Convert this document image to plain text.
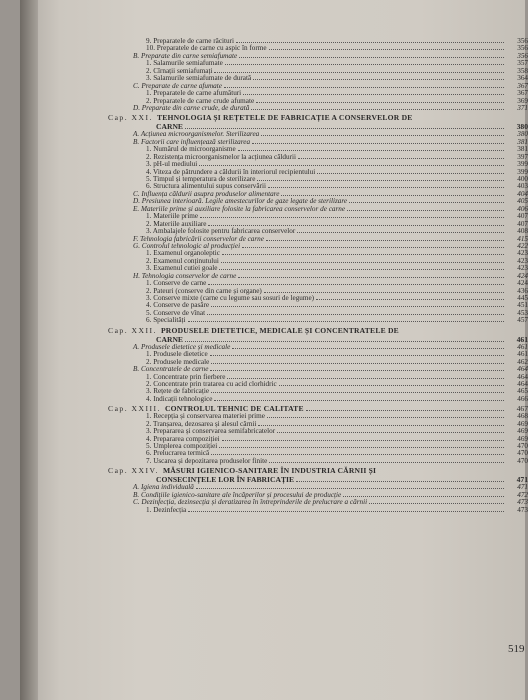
9. Preparatele de carne răcituri	356
10. Preparatele de carne cu aspic în forme	356
B. Preparate din carne semiafumate	356
1. Salamurile semiafumate	357
2. Cîrnații semiafumați	358
3. Salamurile semiafumate de durată	364
C. Preparate de carne afumate	367
1. Preparatele de carne afumături	367
2. Preparatele de carne crude afumate	369
D. Preparate din carne crude, de durată	371
Cap. XXI. TEHNOLOGIA ȘI REȚETELE DE FABRICAȚIE A CONSERVELOR DE
CARNE	380
A. Acțiunea microorganismelor. Sterilizarea	380
B. Factorii care influențează sterilizarea	381
1. Numărul de microorganisme	381
2. Rezistența microorganismelor la acțiunea căldurii	397
3. pH-ul mediului	399
4. Viteza de pătrundere a căldurii în interiorul recipientului	399
5. Timpul și temperatura de sterilizare	400
6. Structura alimentului supus conservării	403
C. Influența căldurii asupra produselor alimentare	404
D. Presiunea interioară. Legile amestecurilor de gaze legate de sterilizare	405
E. Materiile prime și auxiliare folosite la fabricarea conservelor de carne	406
1. Materiile prime	407
2. Materiile auxiliare	407
3. Ambalajele folosite pentru fabricarea conservelor	408
F. Tehnologia fabricării conservelor de carne	415
G. Controlul tehnologic al producției	422
1. Examenul organoleptic	423
2. Examenul conținutului	423
3. Examenul cutiei goale	423
H. Tehnologia conservelor de carne	424
1. Conserve de carne	424
2. Pateuri (conserve din carne și organe)	436
3. Conserve mixte (carne cu legume sau sosuri de legume)	445
4. Conserve de pasăre	451
5. Conserve de vînat	453
6. Specialități	457
Cap. XXII. PRODUSELE DIETETICE, MEDICALE ȘI CONCENTRATELE DE
CARNE	461
A. Produsele dietetice și medicale	461
1. Produsele dietetice	461
2. Produsele medicale	462
B. Concentratele de carne	464
1. Concentrate prin fierbere	464
2. Concentrate prin tratarea cu acid clorhidric	464
3. Rețete de fabricație	465
4. Indicații tehnologice	466
Cap. XXIII. CONTROLUL TEHNIC DE CALITATE	467
1. Recepția și conservarea materiei prime	468
2. Tranșarea, dezosarea și alesul cărnii	469
3. Prepararea și conservarea semifabricatelor	469
4. Prepararea compoziției	469
5. Umplerea compoziției	470
6. Prelucrarea termică	470
7. Uscarea și depozitarea produselor finite	470
Cap. XXIV. MĂSURI IGIENICO-SANITARE ÎN INDUSTRIA CĂRNII ȘI
CONSECINȚELE LOR ÎN FABRICAȚIE	471
A. Igiena individuală	471
B. Condițiile igienico-sanitare ale încăperilor și procesului de producție	472
C. Dezinfecția, dezinsecția și deratizarea în întreprinderile de prelucrare a cărnii	473
1. Dezinfecția	473
519
